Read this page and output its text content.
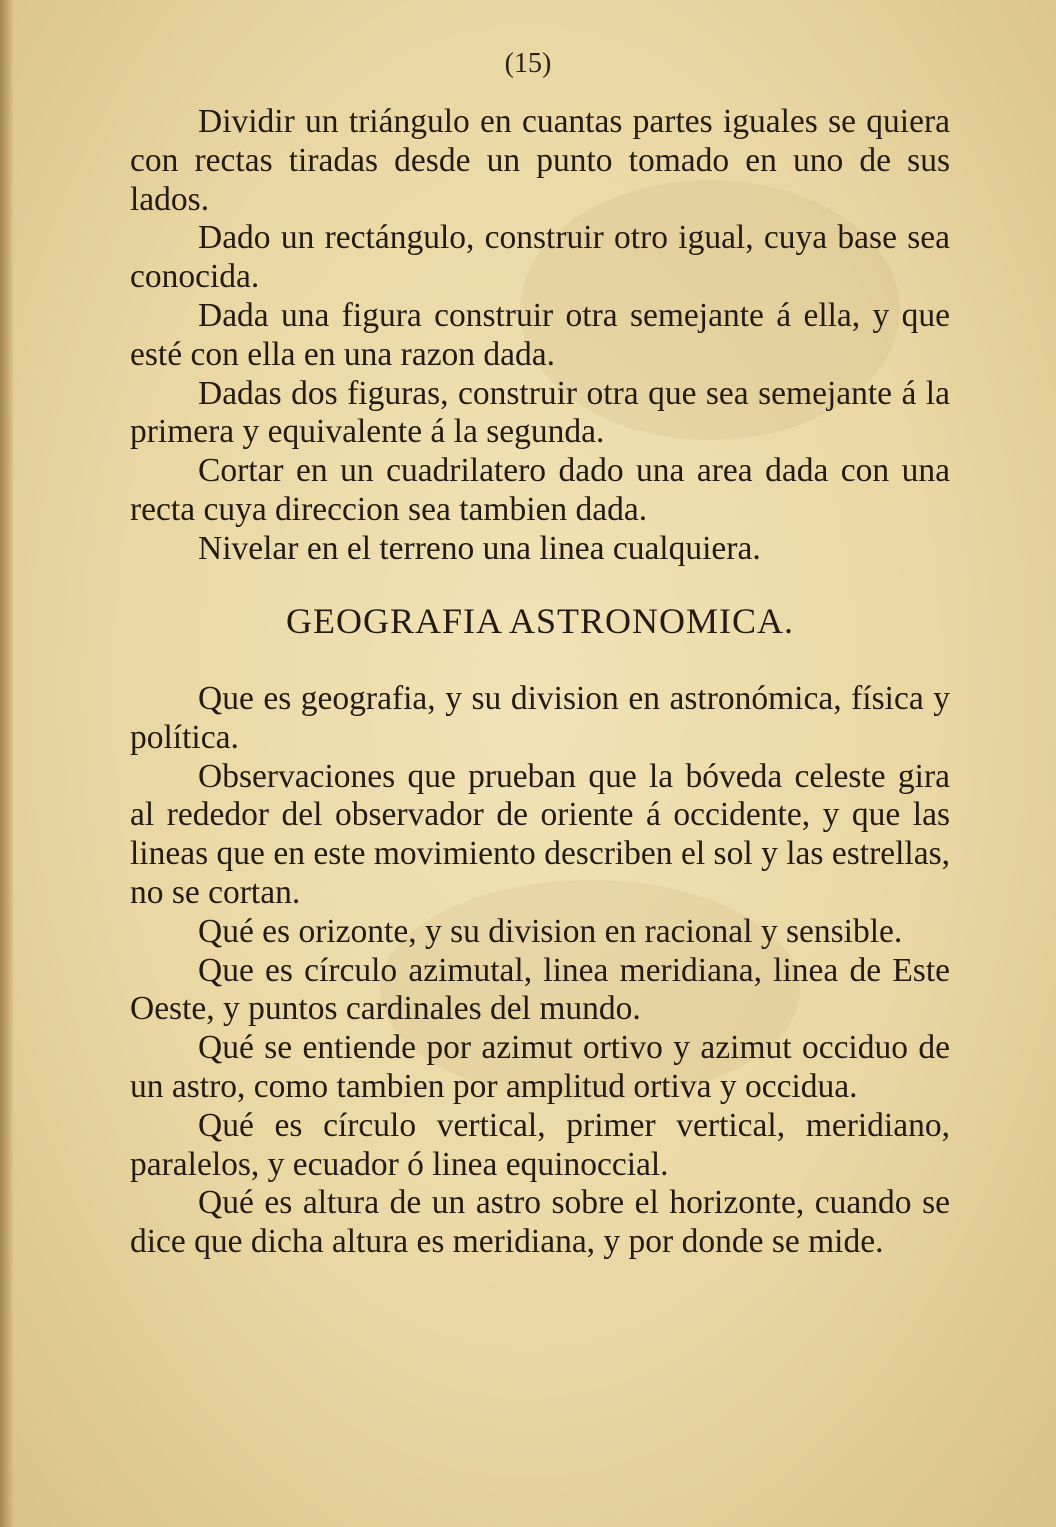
(15)

Dividir un triángulo en cuantas partes iguales se quiera con rectas tiradas desde un punto tomado en uno de sus lados.

Dado un rectángulo, construir otro igual, cuya base sea conocida.

Dada una figura construir otra semejante á ella, y que esté con ella en una razon dada.

Dadas dos figuras, construir otra que sea semejante á la primera y equivalente á la segunda.

Cortar en un cuadrilatero dado una area dada con una recta cuya direccion sea tambien dada.

Nivelar en el terreno una linea cualquiera.

GEOGRAFIA ASTRONOMICA.

Que es geografia, y su division en astronómica, física y política.

Observaciones que prueban que la bóveda celeste gira al rededor del observador de oriente á occidente, y que las lineas que en este movimiento describen el sol y las estrellas, no se cortan.

Qué es orizonte, y su division en racional y sensible.

Que es círculo azimutal, linea meridiana, linea de Este Oeste, y puntos cardinales del mundo.

Qué se entiende por azimut ortivo y azimut occiduo de un astro, como tambien por amplitud ortiva y occidua.

Qué es círculo vertical, primer vertical, meridiano, paralelos, y ecuador ó linea equinoccial.

Qué es altura de un astro sobre el horizonte, cuando se dice que dicha altura es meridiana, y por donde se mide.
